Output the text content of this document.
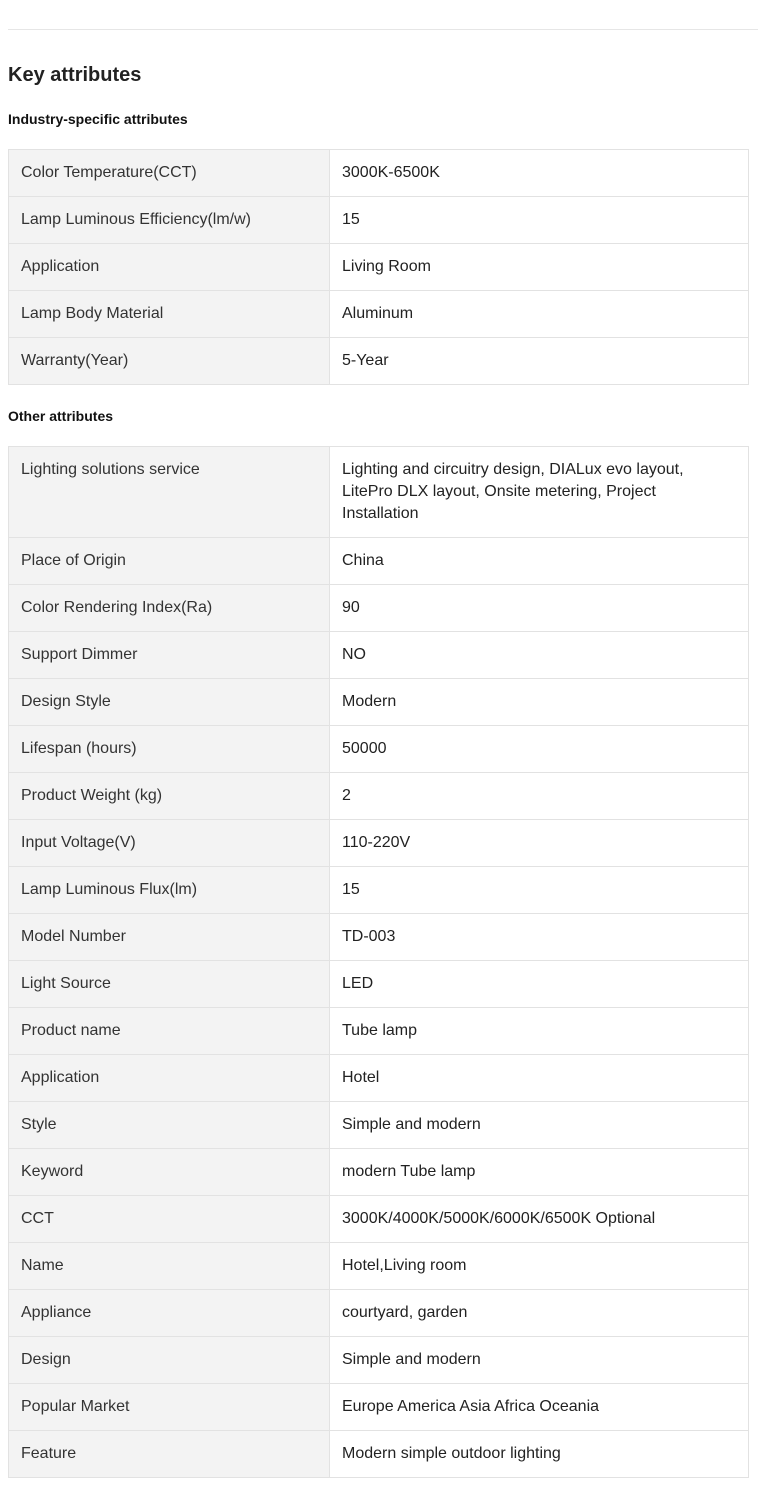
Key attributes
Industry-specific attributes
Color Temperature(CCT)	3000K-6500K
Lamp Luminous Efficiency(lm/w)	15
Application	Living Room
Lamp Body Material	Aluminum
Warranty(Year)	5-Year
Other attributes
Lighting solutions service	Lighting and circuitry design, DIALux evo layout, LitePro DLX layout, Onsite metering, Project Installation
Place of Origin	China
Color Rendering Index(Ra)	90
Support Dimmer	NO
Design Style	Modern
Lifespan (hours)	50000
Product Weight (kg)	2
Input Voltage(V)	110-220V
Lamp Luminous Flux(lm)	15
Model Number	TD-003
Light Source	LED
Product name	Tube lamp
Application	Hotel
Style	Simple and modern
Keyword	modern Tube lamp
CCT	3000K/4000K/5000K/6000K/6500K Optional
Name	Hotel,Living room
Appliance	courtyard, garden
Design	Simple and modern
Popular Market	Europe America Asia Africa Oceania
Feature	Modern simple outdoor lighting
